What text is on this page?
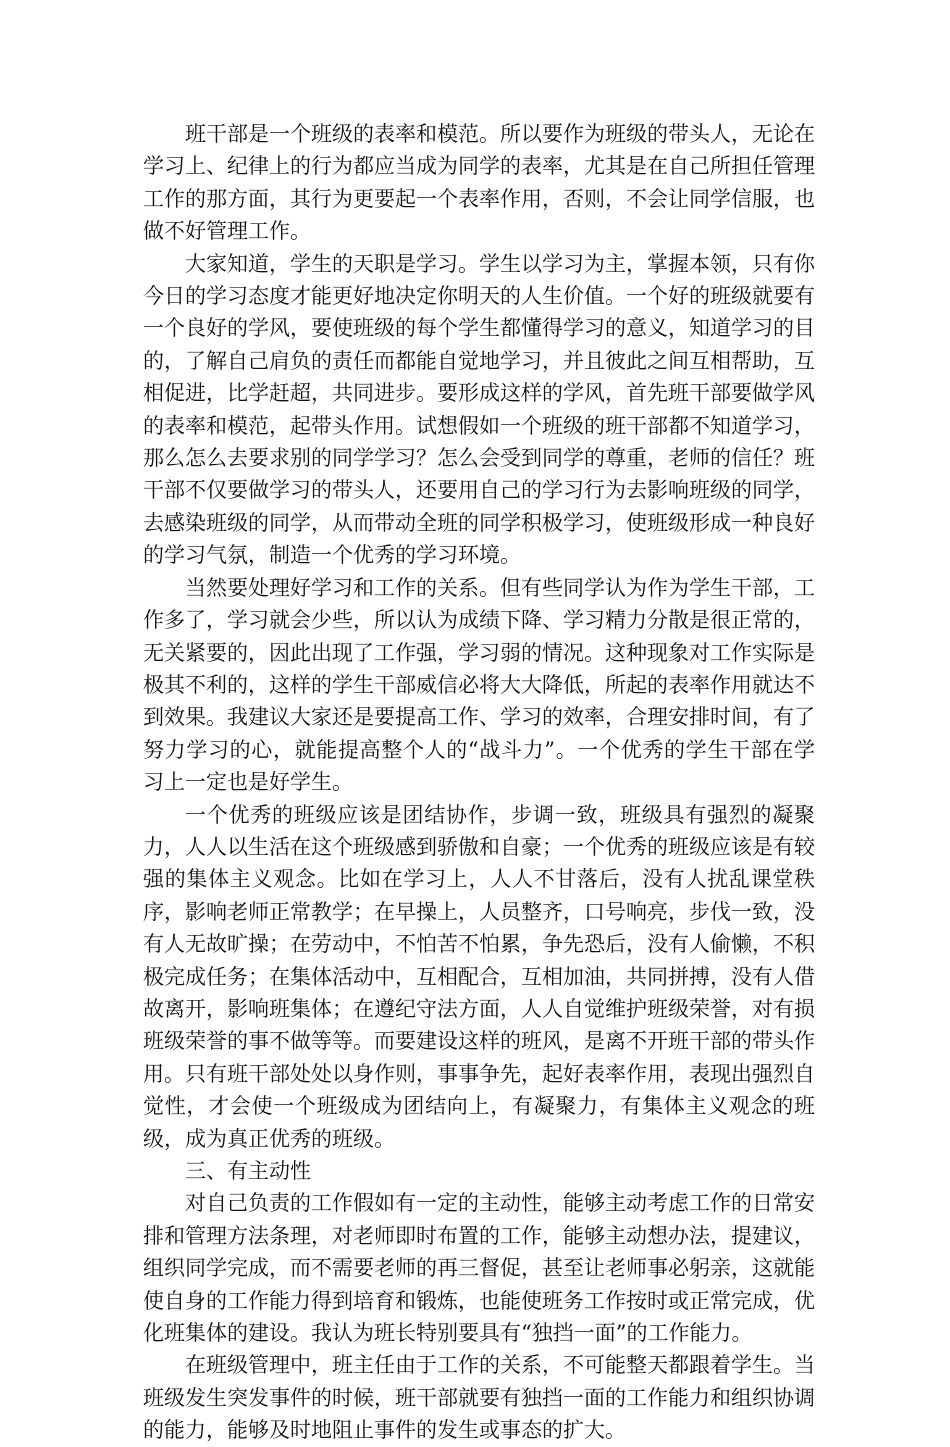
班干部是一个班级的表率和模范。所以要作为班级的带头人，无论在学习上、纪律上的行为都应当成为同学的表率，尤其是在自己所担任管理工作的那方面，其行为更要起一个表率作用，否则，不会让同学信服，也做不好管理工作。

大家知道，学生的天职是学习。学生以学习为主，掌握本领，只有你今日的学习态度才能更好地决定你明天的人生价值。一个好的班级就要有一个良好的学风，要使班级的每个学生都懂得学习的意义，知道学习的目的，了解自己肩负的责任而都能自觉地学习，并且彼此之间互相帮助，互相促进，比学赶超，共同进步。要形成这样的学风，首先班干部要做学风的表率和模范，起带头作用。试想假如一个班级的班干部都不知道学习，那么怎么去要求别的同学学习？怎么会受到同学的尊重，老师的信任？班干部不仅要做学习的带头人，还要用自己的学习行为去影响班级的同学，去感染班级的同学，从而带动全班的同学积极学习，使班级形成一种良好的学习气氛，制造一个优秀的学习环境。

当然要处理好学习和工作的关系。但有些同学认为作为学生干部，工作多了，学习就会少些，所以认为成绩下降、学习精力分散是很正常的，无关紧要的，因此出现了工作强，学习弱的情况。这种现象对工作实际是极其不利的，这样的学生干部威信必将大大降低，所起的表率作用就达不到效果。我建议大家还是要提高工作、学习的效率，合理安排时间，有了努力学习的心，就能提高整个人的“战斗力”。一个优秀的学生干部在学习上一定也是好学生。

一个优秀的班级应该是团结协作，步调一致，班级具有强烈的凝聚力，人人以生活在这个班级感到骄傲和自豪；一个优秀的班级应该是有较强的集体主义观念。比如在学习上，人人不甘落后，没有人扰乱课堂秩序，影响老师正常教学；在早操上，人员整齐，口号响亮，步伐一致，没有人无故旷操；在劳动中，不怕苦不怕累，争先恐后，没有人偷懒，不积极完成任务；在集体活动中，互相配合，互相加油，共同拼搏，没有人借故离开，影响班集体；在遵纪守法方面，人人自觉维护班级荣誉，对有损班级荣誉的事不做等等。而要建设这样的班风，是离不开班干部的带头作用。只有班干部处处以身作则，事事争先，起好表率作用，表现出强烈自觉性，才会使一个班级成为团结向上，有凝聚力，有集体主义观念的班级，成为真正优秀的班级。

三、有主动性

对自己负责的工作假如有一定的主动性，能够主动考虑工作的日常安排和管理方法条理，对老师即时布置的工作，能够主动想办法，提建议，组织同学完成，而不需要老师的再三督促，甚至让老师事必躬亲，这就能使自身的工作能力得到培育和锻炼，也能使班务工作按时或正常完成，优化班集体的建设。我认为班长特别要具有“独挡一面”的工作能力。

在班级管理中，班主任由于工作的关系，不可能整天都跟着学生。当班级发生突发事件的时候，班干部就要有独挡一面的工作能力和组织协调的能力，能够及时地阻止事件的发生或事态的扩大。
